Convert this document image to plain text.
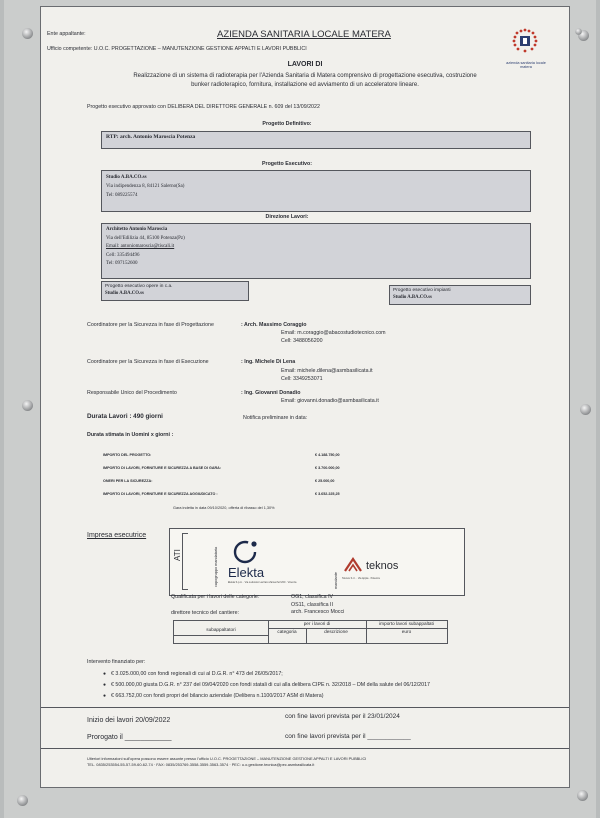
Ente appaltante:	AZIENDA SANITARIA LOCALE MATERA
Ufficio competente: U.O.C. PROGETTAZIONE – MANUTENZIONE GESTIONE APPALTI E LAVORI PUBBLICI
azienda sanitaria locale matera
LAVORI DI
Realizzazione di un sistema di radioterapia per l'Azienda Sanitaria di Matera comprensivo di progettazione esecutiva, costruzione
bunker radioterapico, fornitura, installazione ed avviamento di un acceleratore lineare.
Progetto esecutivo approvato con DELIBERA DEL DIRETTORE GENERALE n. 609 del 13/09/2022
Progetto Definitivo:
RTP: arch. Antonio Maroscia Potenza
Progetto Esecutivo:
Studio A.BA.CO.ss
Via indipendenza 8, 84121 Salerno(Sa)
Tel: 089225574
Direzione Lavori:
Architetto Antonio Maroscia
Via dell'Edilizia 44, 85100 Potenza(Pz)
Email: antoniomaroscia@tiscali.it
Cell: 335494496
Tel: 097152600
Progetto esecutivo opere in c.a.
Studio A.BA.CO.ss
Progetto esecutivo impianti
Studio A.BA.CO.ss
Coordinatore per la Sicurezza in fase di Progettazione	: Arch. Massimo Coraggio
Email: m.coraggio@abacostudiotecnico.com
Cell: 3488056200
Coordinatore per la Sicurezza in fase di Esecuzione	: Ing. Michele Di Lena
Email: michele.dilena@asmbasilicata.it
Cell: 3349253071
Responsabile Unico del Procedimento	: Ing. Giovanni Donadio
Email: giovanni.donadio@asmbasilicata.it
Durata Lavori : 490 giorni	Notifica preliminare in data:
Durata stimata in Uomini x giorni :
IMPORTO DEL PROGETTO:	€ 4.188.750,00
IMPORTO DI LAVORI, FORNITURE E SICUREZZA A BASE DI GARA:	€ 3.700.000,00
ONERI PER LA SICUREZZA:	€ 25.000,00
IMPORTO DI LAVORI, FORNITURE E SICUREZZA AGGIUDICATO :	€ 3.652.225,25
Gara indetta in data 09/10/2020, offerta di ribasso del 1,30%
Impresa esecutrice
ATI	capogruppo mandataria Elekta
Elekta S.p.A. · Via Ludovico Lazzaro Zamenhof 200 · Vicenza	mandante
teknos
Teknos S.r.l. · Via Appia · Potenza
Qualificata per i lavori delle categorie:	OG1, classifica IV
OS11, classifica II
arch. Francesco Mocci
direttore tecnico del cantiere:
subappaltatori
per i lavori di	importo lavori subappaltati
categoria	descrizione	euro
Intervento finanziato per:
● € 3.025.000,00 con fondi regionali di cui al D.G.R. n° 473 del 26/05/2017;
● € 500.000,00 giusta D.G.R. n° 237 del 09/04/2020 con fondi statali di cui alla delibera CIPE n. 32/2018 – DM della salute del 06/12/2017
● € 663.752,00 con fondi propri del bilancio aziendale (Delibera n.1100/2017 ASM di Matera)
Inizio dei lavori 20/09/2022
con fine lavori prevista per il 23/01/2024
Prorogato il ____________	con fine lavori prevista per il ____________
Ulteriori informazioni sull'opera possono essere assunte presso l'ufficio U.O.C. PROGETTAZIONE – MANUTENZIONE GESTIONE APPALTI E LAVORI PUBBLICI
TEL. 0835/253554-55-57-59-60-62-74 · FAX: 0835/253769-3558-3559-3563-3574 · PEC: u.o.gestione.tecnica@pec.asmbasilicata.it
